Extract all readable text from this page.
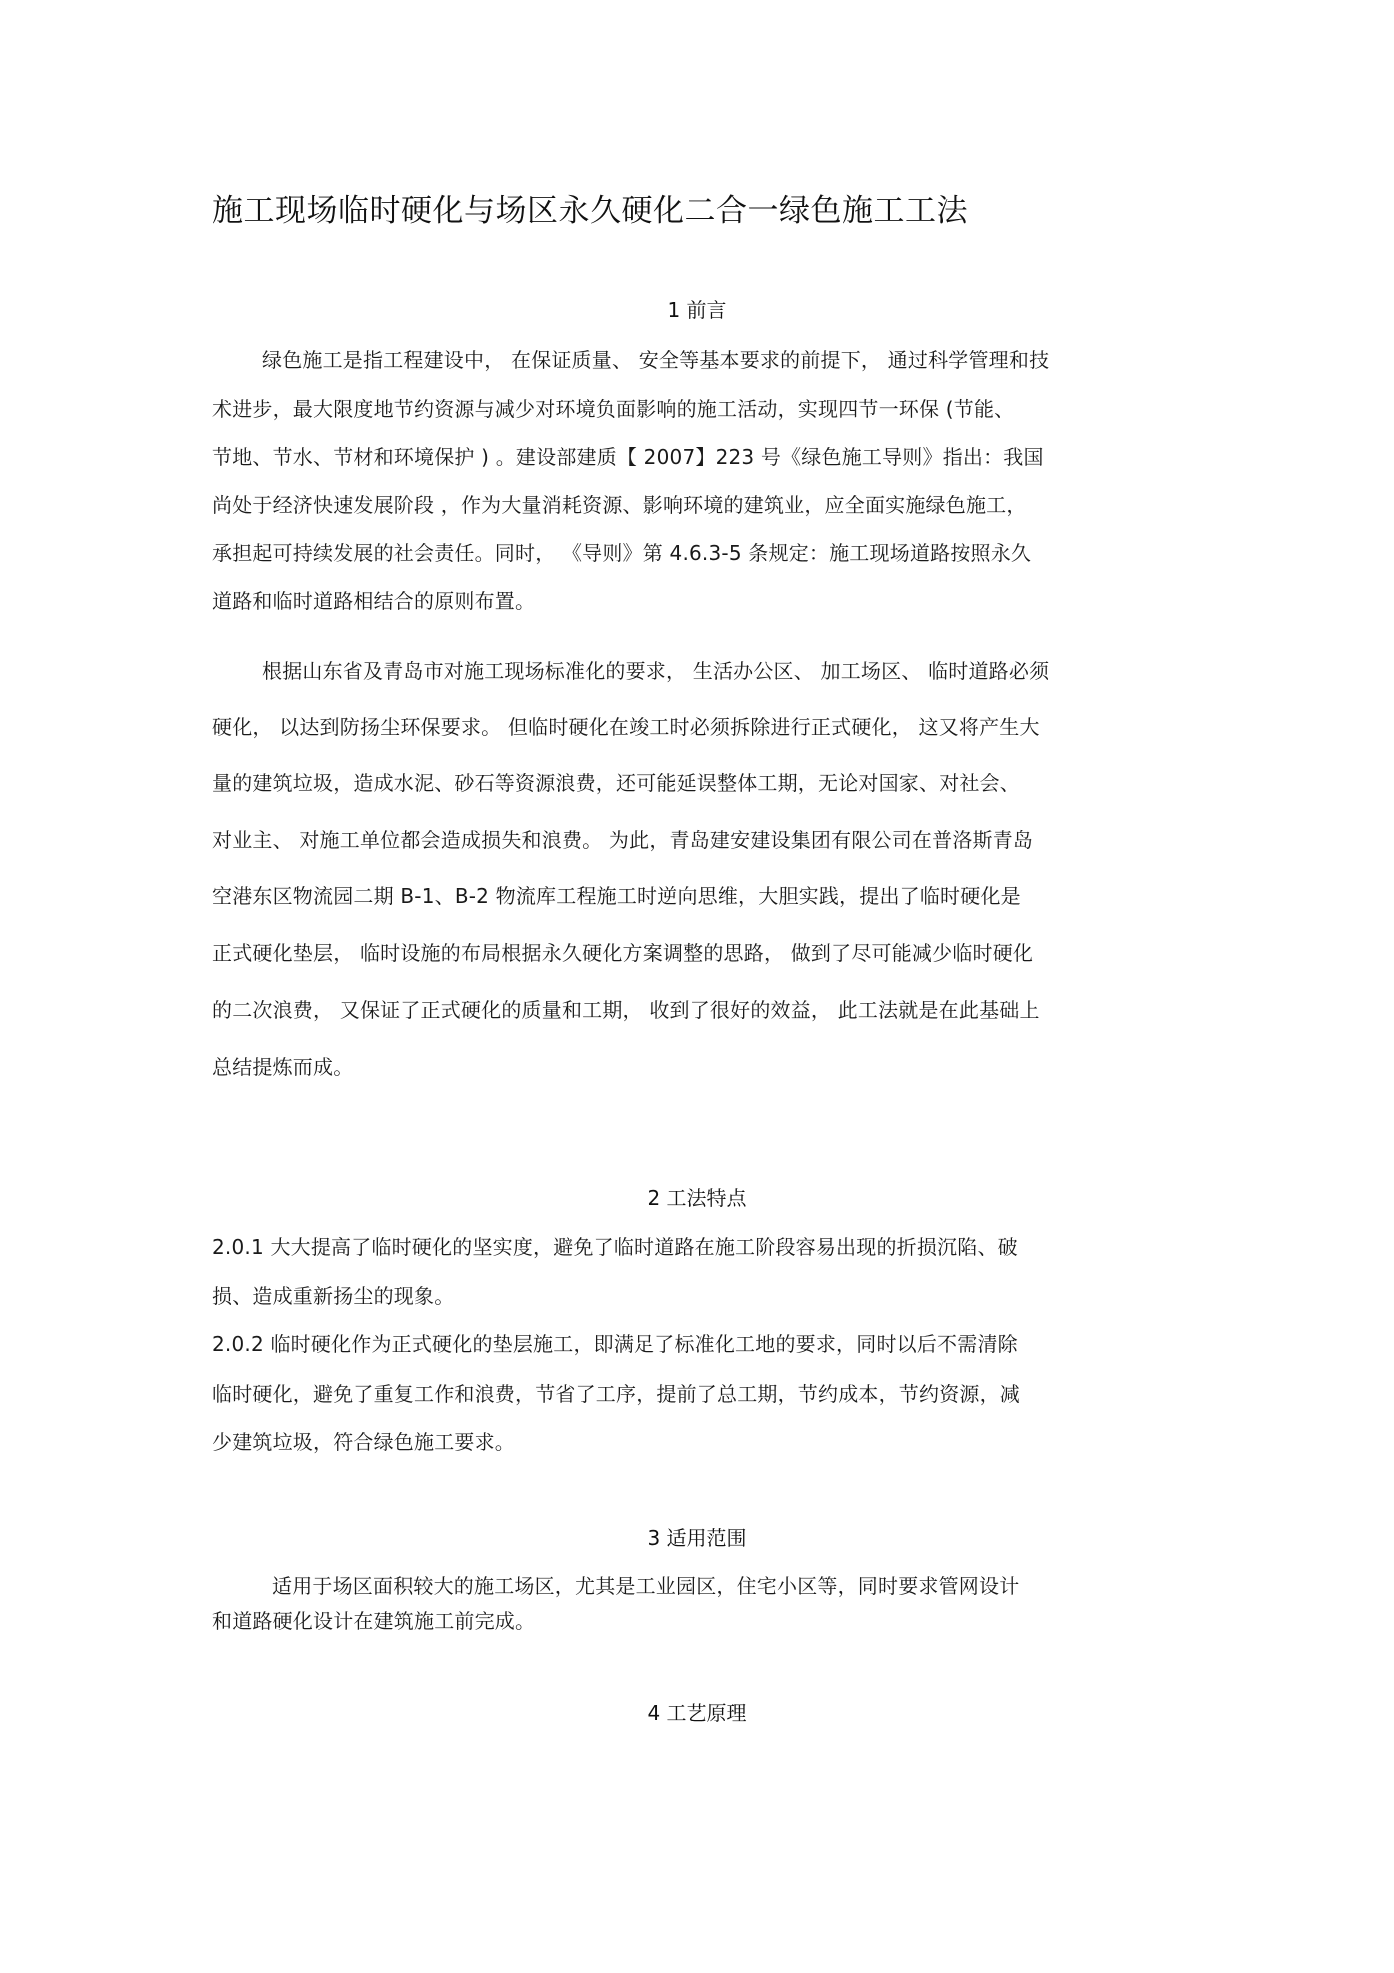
施工现场临时硬化与场区永久硬化二合一绿色施工工法
1 前言
绿色施工是指工程建设中， 在保证质量、 安全等基本要求的前提下， 通过科学管理和技
术进步，最大限度地节约资源与减少对环境负面影响的施工活动，实现四节一环保 (节能、
节地、节水、节材和环境保护 ) 。建设部建质【 2007】223 号《绿色施工导则》指出：我国
尚处于经济快速发展阶段 ，作为大量消耗资源、影响环境的建筑业，应全面实施绿色施工，
承担起可持续发展的社会责任。同时， 《导则》第 4.6.3-5 条规定：施工现场道路按照永久
道路和临时道路相结合的原则布置。
根据山东省及青岛市对施工现场标准化的要求， 生活办公区、 加工场区、 临时道路必须
硬化， 以达到防扬尘环保要求。 但临时硬化在竣工时必须拆除进行正式硬化， 这又将产生大
量的建筑垃圾，造成水泥、砂石等资源浪费，还可能延误整体工期，无论对国家、对社会、
对业主、 对施工单位都会造成损失和浪费。 为此，青岛建安建设集团有限公司在普洛斯青岛
空港东区物流园二期 B-1、B-2 物流库工程施工时逆向思维，大胆实践，提出了临时硬化是
正式硬化垫层， 临时设施的布局根据永久硬化方案调整的思路， 做到了尽可能减少临时硬化
的二次浪费， 又保证了正式硬化的质量和工期， 收到了很好的效益， 此工法就是在此基础上
总结提炼而成。
2 工法特点
2.0.1 大大提高了临时硬化的坚实度，避免了临时道路在施工阶段容易出现的折损沉陷、破
损、造成重新扬尘的现象。
2.0.2 临时硬化作为正式硬化的垫层施工，即满足了标准化工地的要求，同时以后不需清除
临时硬化，避免了重复工作和浪费，节省了工序，提前了总工期，节约成本，节约资源，减
少建筑垃圾，符合绿色施工要求。
3 适用范围
适用于场区面积较大的施工场区，尤其是工业园区，住宅小区等，同时要求管网设计
和道路硬化设计在建筑施工前完成。
4 工艺原理
